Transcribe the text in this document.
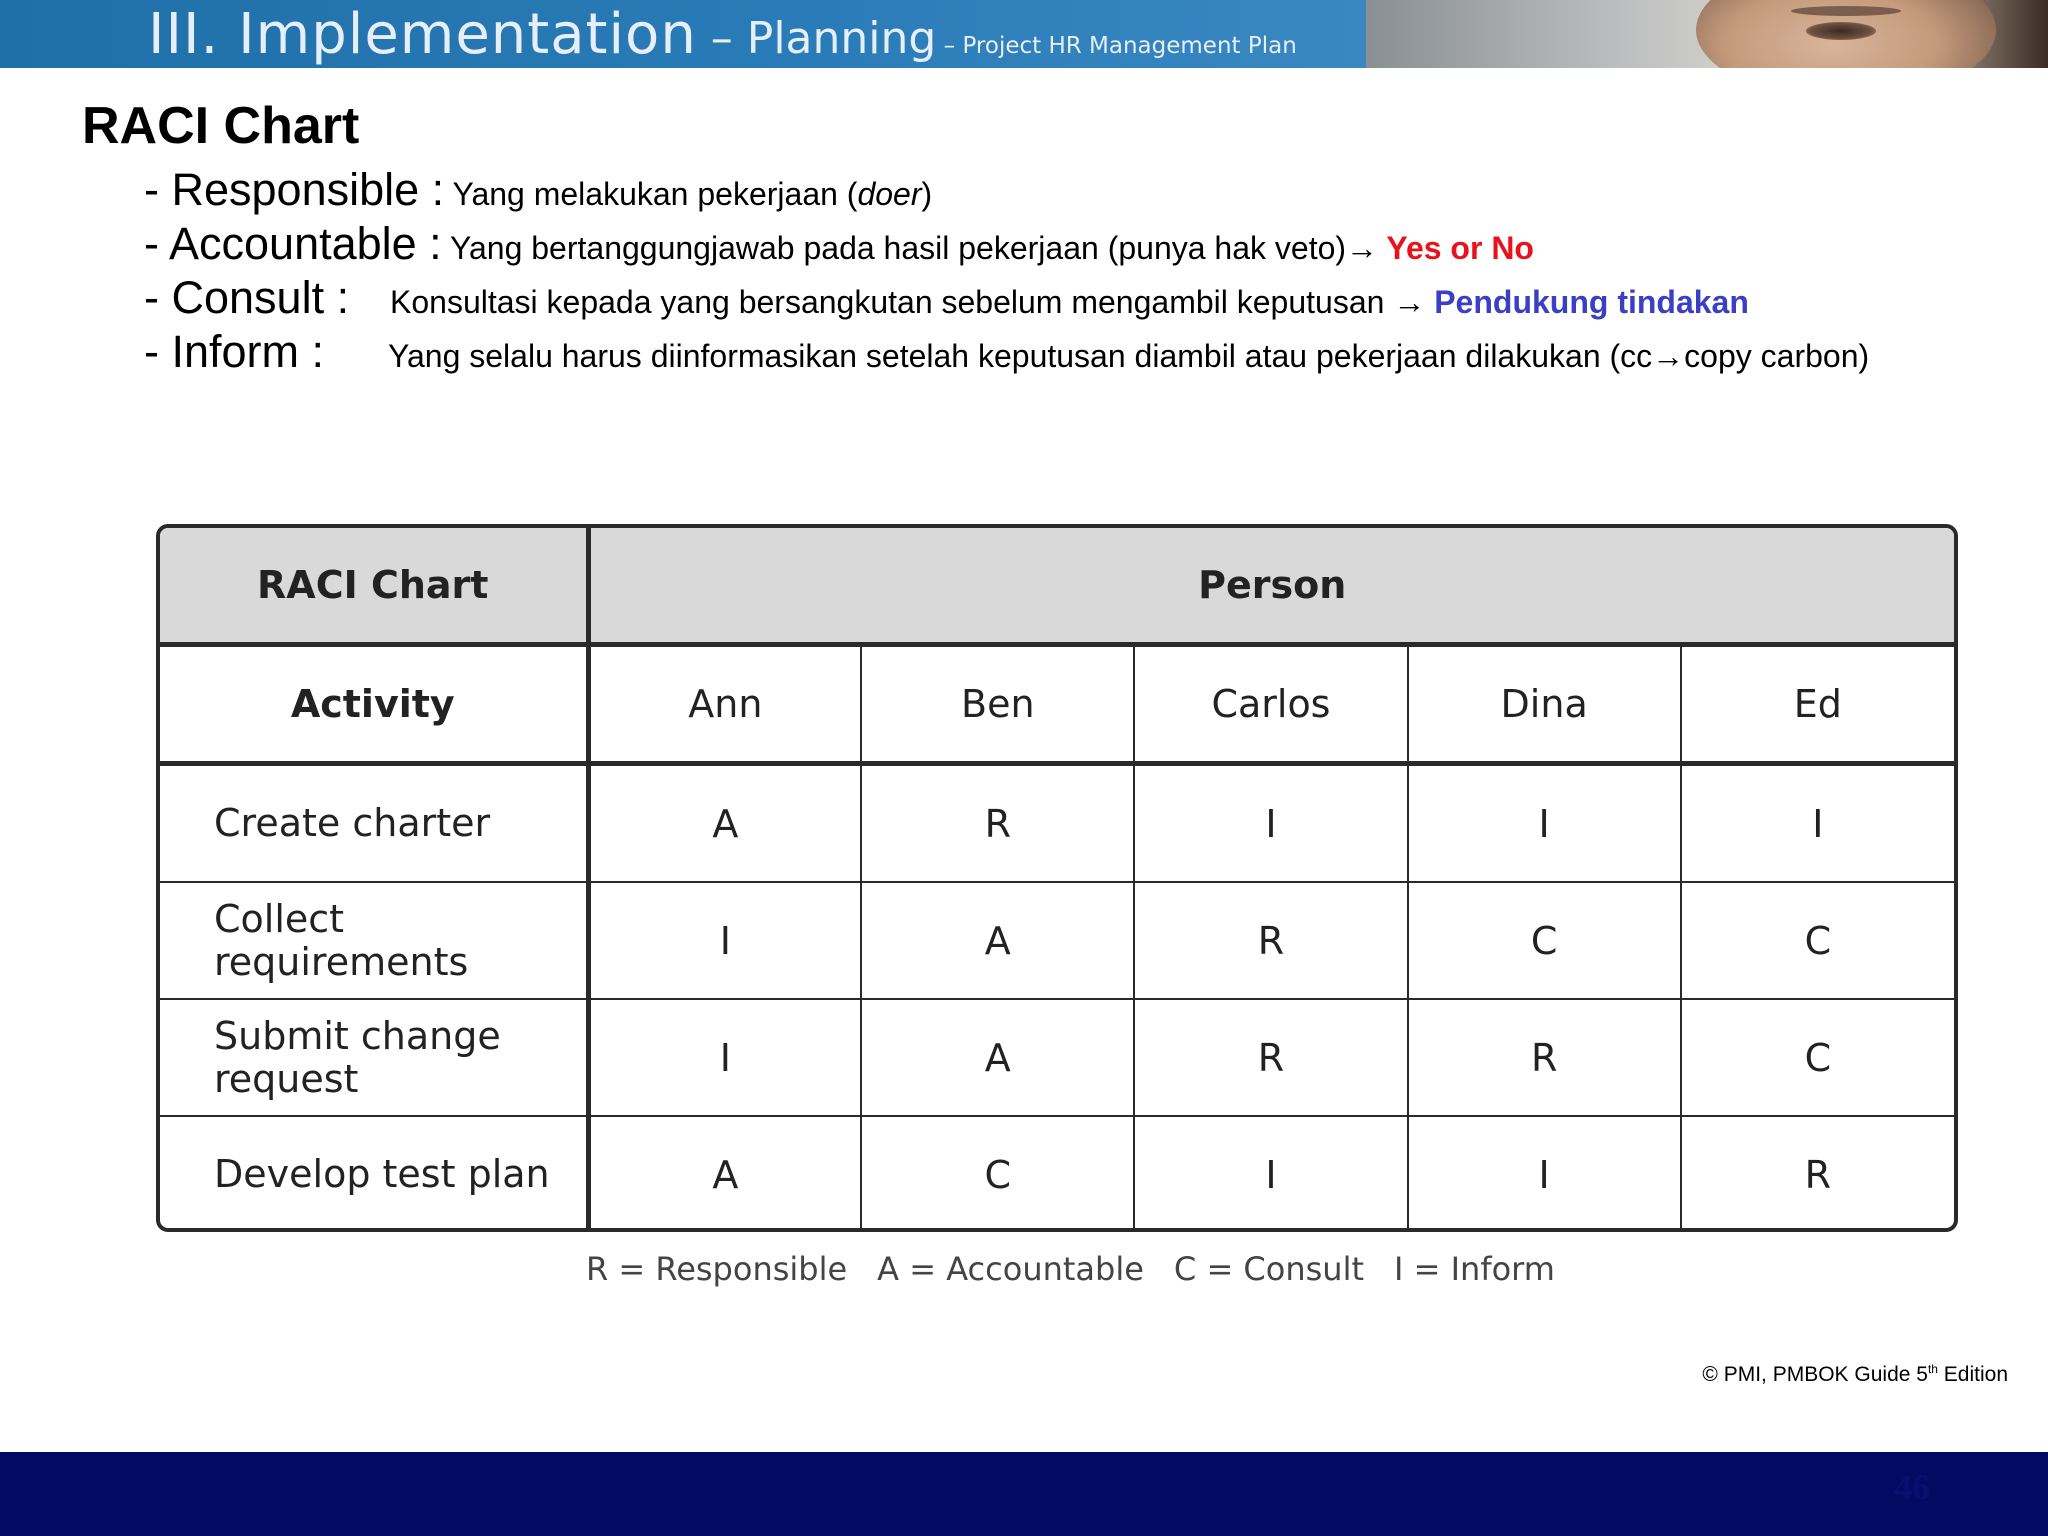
III. Implementation – Planning – Project HR Management Plan
RACI Chart
- Responsible : Yang melakukan pekerjaan (doer)
- Accountable : Yang bertanggungjawab pada hasil pekerjaan (punya hak veto)→ Yes or No
- Consult : Konsultasi kepada yang bersangkutan sebelum mengambil keputusan → Pendukung tindakan
- Inform : Yang selalu harus diinformasikan setelah keputusan diambil atau pekerjaan dilakukan (cc→copy carbon)
RACI Chart	Person				
Activity	Ann	Ben	Carlos	Dina	Ed
Create charter	A	R	I	I	I
Collect
requirements	I	A	R	C	C
Submit change
request	I	A	R	R	C
Develop test plan	A	C	I	I	R
R = Responsible A = Accountable C = Consult I = Inform
© PMI, PMBOK Guide 5th Edition
46
